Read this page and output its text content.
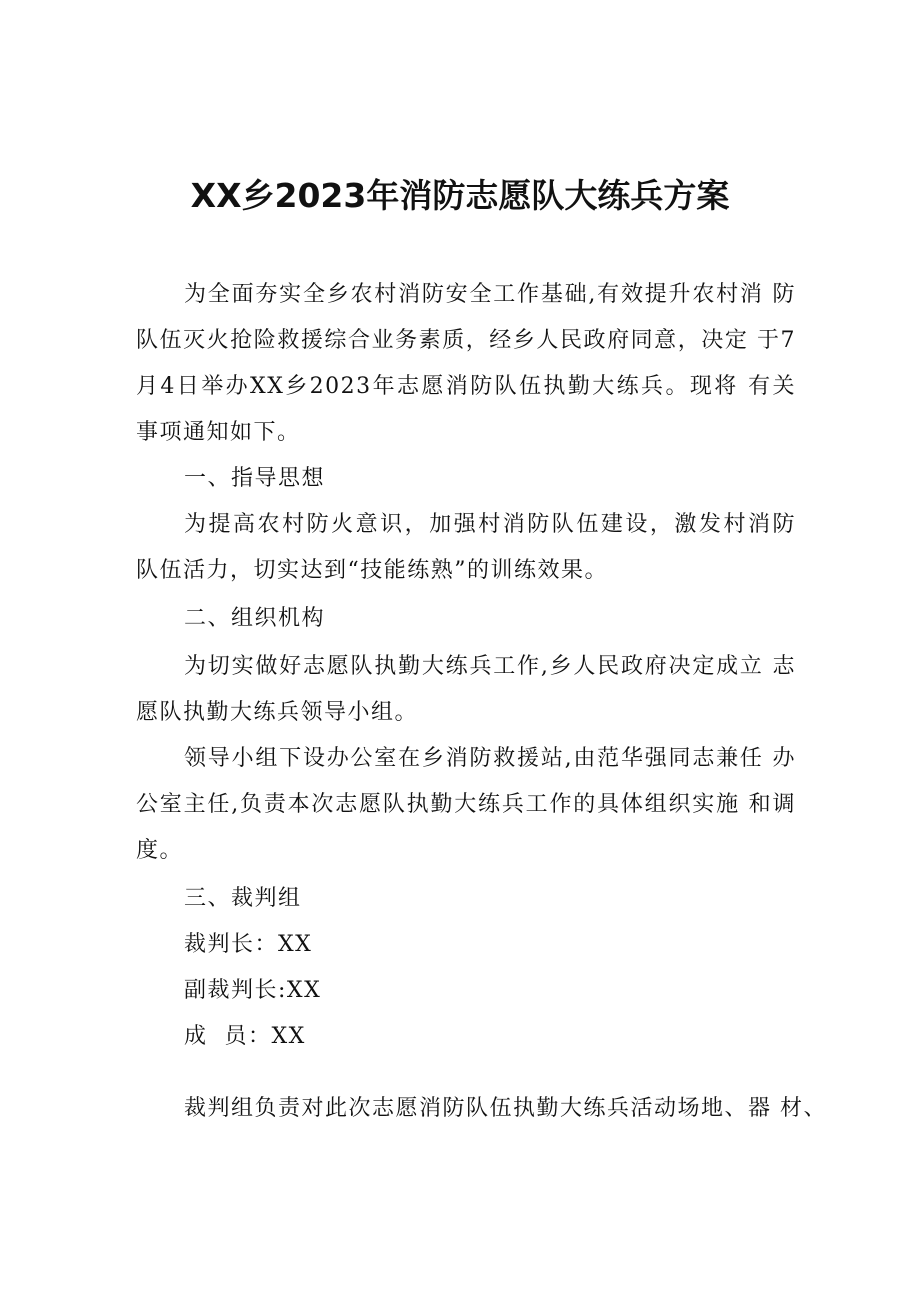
XX乡2023年消防志愿队大练兵方案

为全面夯实全乡农村消防安全工作基础,有效提升农村消 防队伍灭火抢险救援综合业务素质，经乡人民政府同意，决定 于7月4日举办XX乡2023年志愿消防队伍执勤大练兵。现将 有关事项通知如下。

一、指导思想

为提高农村防火意识，加强村消防队伍建设，激发村消防 队伍活力，切实达到“技能练熟”的训练效果。

二、组织机构

为切实做好志愿队执勤大练兵工作,乡人民政府决定成立 志愿队执勤大练兵领导小组。

领导小组下设办公室在乡消防救援站,由范华强同志兼任 办公室主任,负责本次志愿队执勤大练兵工作的具体组织实施 和调度。

三、裁判组

裁判长：XX

副裁判长:XX

成  员：XX

裁判组负责对此次志愿消防队伍执勤大练兵活动场地、器 材、
